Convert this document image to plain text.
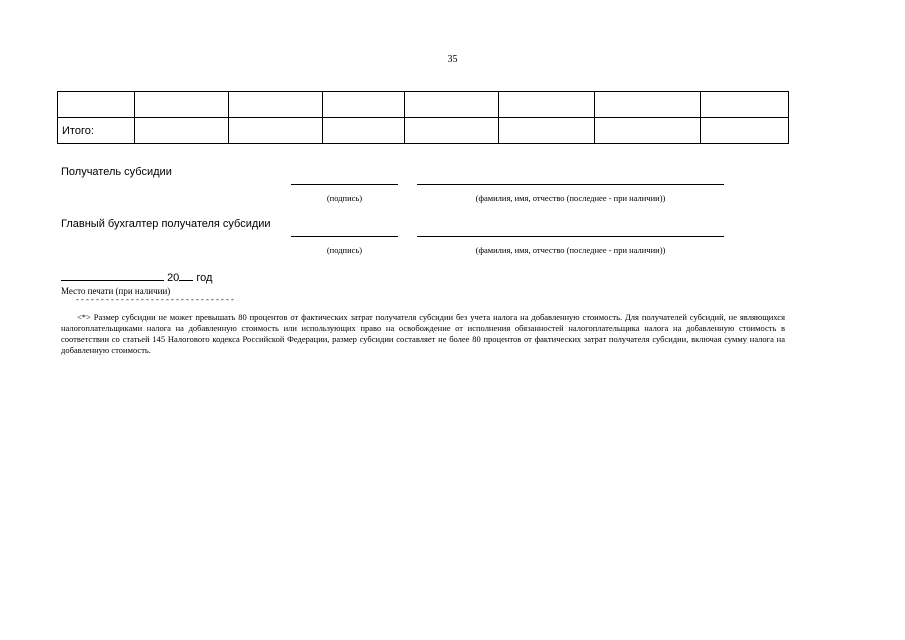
35

Итого:							
Получатель субсидии
(подпись)	(фамилия, имя, отчество (последнее - при наличии))
Главный бухгалтер получателя субсидии
(подпись)	(фамилия, имя, отчество (последнее - при наличии))
20 год
Место печати (при наличии)
--------------------------------
<*> Размер субсидии не может превышать 80 процентов от фактических затрат получателя субсидии без учета налога на добавленную стоимость. Для получателей субсидий, не являющихся налогоплательщиками налога на добавленную стоимость или использующих право на освобождение от исполнения обязанностей налогоплательщика налога на добавленную стоимость в соответствии со статьей 145 Налогового кодекса Российской Федерации, размер субсидии составляет не более 80 процентов от фактических затрат получателя субсидии, включая сумму налога на добавленную стоимость.
